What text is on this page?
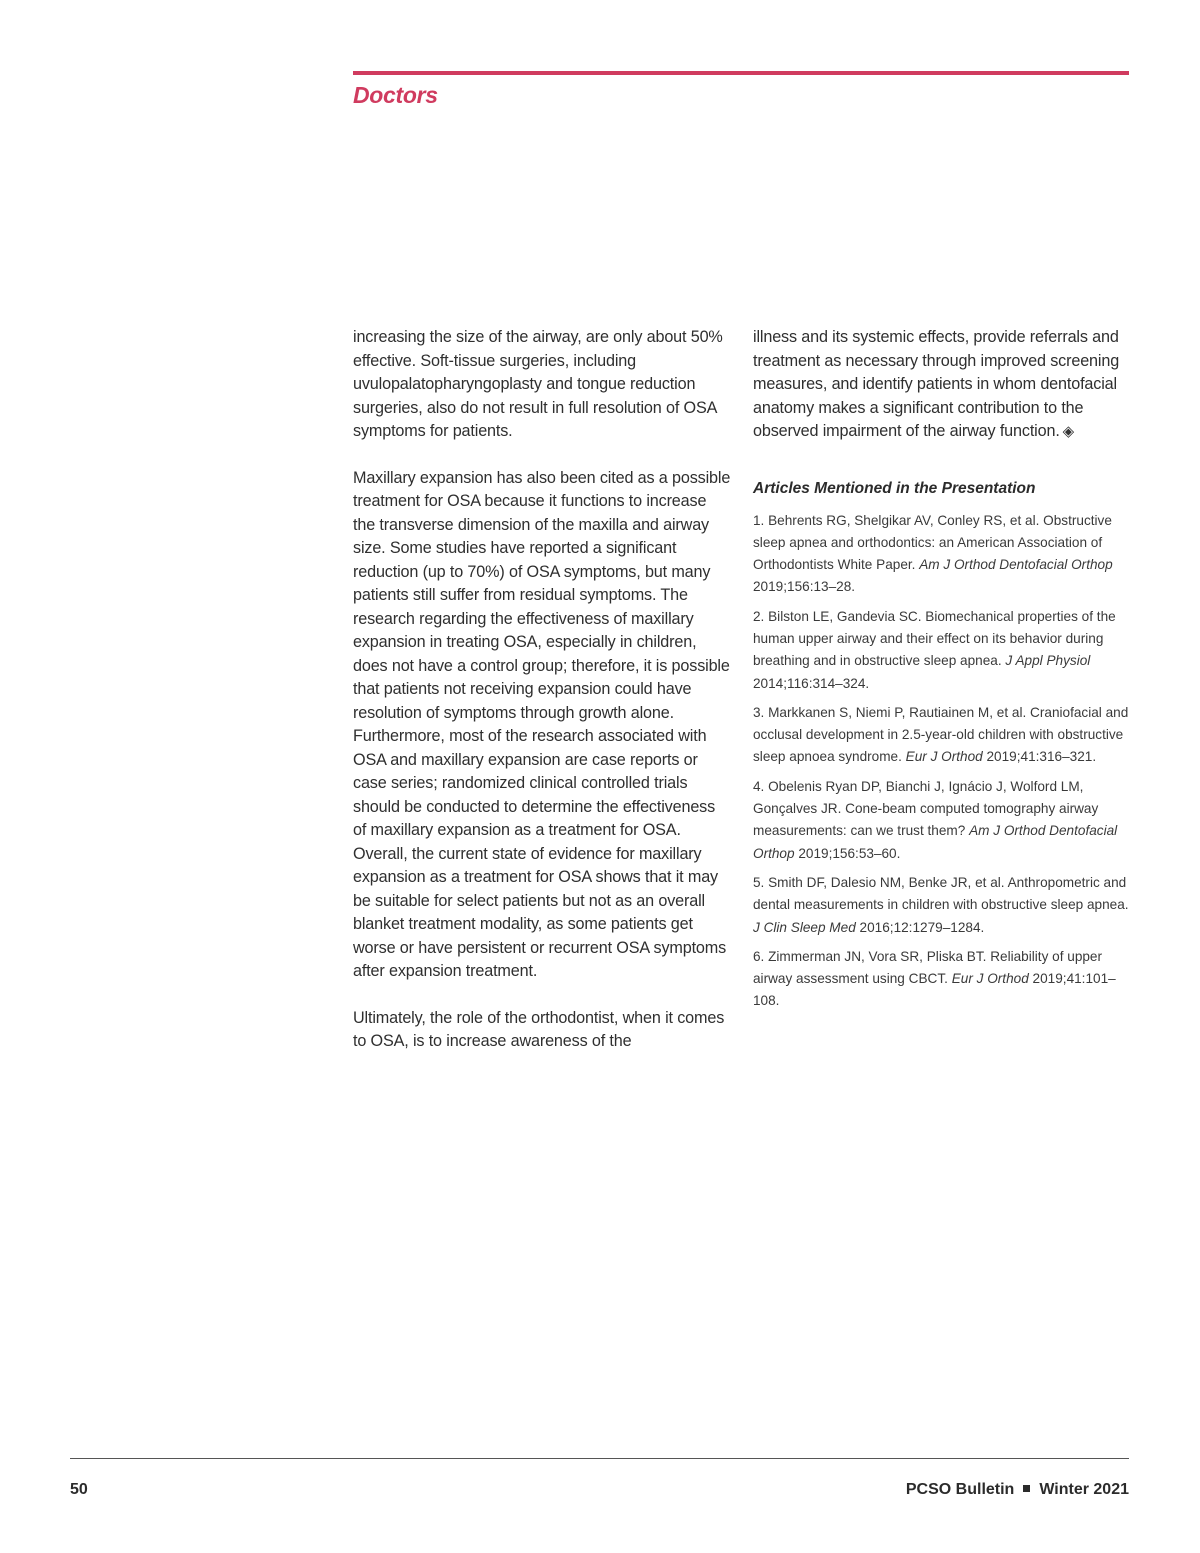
Doctors

increasing the size of the airway, are only about 50% effective. Soft-tissue surgeries, including uvulopalatopharyngoplasty and tongue reduction surgeries, also do not result in full resolution of OSA symptoms for patients.

Maxillary expansion has also been cited as a possible treatment for OSA because it functions to increase the transverse dimension of the maxilla and airway size. Some studies have reported a significant reduction (up to 70%) of OSA symptoms, but many patients still suffer from residual symptoms. The research regarding the effectiveness of maxillary expansion in treating OSA, especially in children, does not have a control group; therefore, it is possible that patients not receiving expansion could have resolution of symptoms through growth alone. Furthermore, most of the research associated with OSA and maxillary expansion are case reports or case series; randomized clinical controlled trials should be conducted to determine the effectiveness of maxillary expansion as a treatment for OSA. Overall, the current state of evidence for maxillary expansion as a treatment for OSA shows that it may be suitable for select patients but not as an overall blanket treatment modality, as some patients get worse or have persistent or recurrent OSA symptoms after expansion treatment.

Ultimately, the role of the orthodontist, when it comes to OSA, is to increase awareness of the

illness and its systemic effects, provide referrals and treatment as necessary through improved screening measures, and identify patients in whom dentofacial anatomy makes a significant contribution to the observed impairment of the airway function. ◈

Articles Mentioned in the Presentation
1. Behrents RG, Shelgikar AV, Conley RS, et al. Obstructive sleep apnea and orthodontics: an American Association of Orthodontists White Paper. Am J Orthod Dentofacial Orthop 2019;156:13–28.
2. Bilston LE, Gandevia SC. Biomechanical properties of the human upper airway and their effect on its behavior during breathing and in obstructive sleep apnea. J Appl Physiol 2014;116:314–324.
3. Markkanen S, Niemi P, Rautiainen M, et al. Craniofacial and occlusal development in 2.5-year-old children with obstructive sleep apnoea syndrome. Eur J Orthod 2019;41:316–321.
4. Obelenis Ryan DP, Bianchi J, Ignácio J, Wolford LM, Gonçalves JR. Cone-beam computed tomography airway measurements: can we trust them? Am J Orthod Dentofacial Orthop 2019;156:53–60.
5. Smith DF, Dalesio NM, Benke JR, et al. Anthropometric and dental measurements in children with obstructive sleep apnea. J Clin Sleep Med 2016;12:1279–1284.
6. Zimmerman JN, Vora SR, Pliska BT. Reliability of upper airway assessment using CBCT. Eur J Orthod 2019;41:101–108.
50	PCSO Bulletin Winter 2021
